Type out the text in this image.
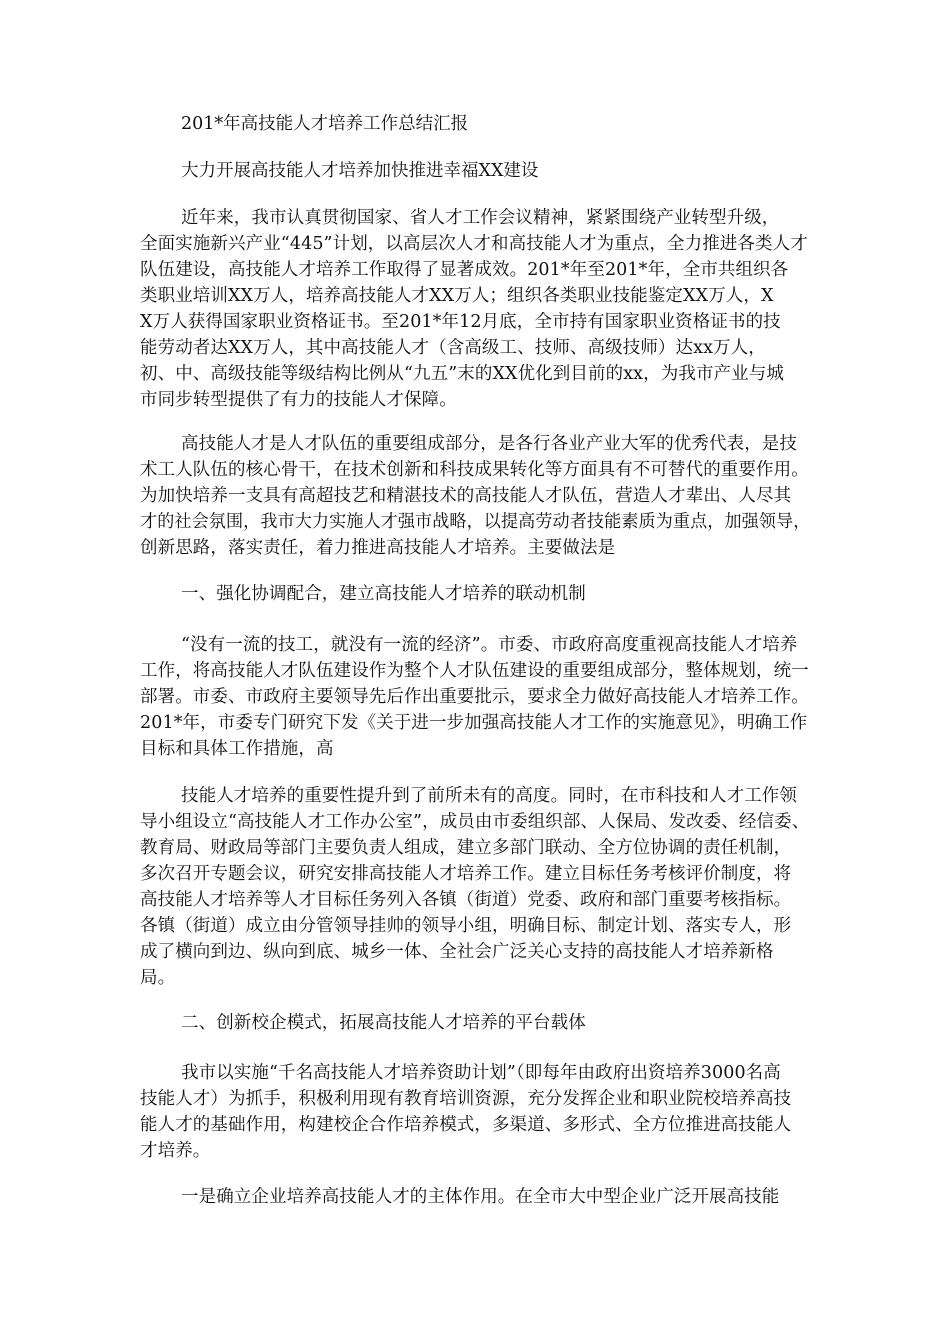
201*年高技能人才培养工作总结汇报
大力开展高技能人才培养加快推进幸福XX建设
近年来，我市认真贯彻国家、省人才工作会议精神，紧紧围绕产业转型升级，
全面实施新兴产业“445”计划，以高层次人才和高技能人才为重点，全力推进各类人才
队伍建设，高技能人才培养工作取得了显著成效。201*年至201*年，全市共组织各
类职业培训XX万人，培养高技能人才XX万人；组织各类职业技能鉴定XX万人，X
X万人获得国家职业资格证书。至201*年12月底，全市持有国家职业资格证书的技
能劳动者达XX万人，其中高技能人才（含高级工、技师、高级技师）达xx万人，
初、中、高级技能等级结构比例从“九五”末的XX优化到目前的xx，为我市产业与城
市同步转型提供了有力的技能人才保障。
高技能人才是人才队伍的重要组成部分，是各行各业产业大军的优秀代表，是技
术工人队伍的核心骨干，在技术创新和科技成果转化等方面具有不可替代的重要作用。
为加快培养一支具有高超技艺和精湛技术的高技能人才队伍，营造人才辈出、人尽其
才的社会氛围，我市大力实施人才强市战略，以提高劳动者技能素质为重点，加强领导，
创新思路，落实责任，着力推进高技能人才培养。主要做法是
一、强化协调配合，建立高技能人才培养的联动机制
“没有一流的技工，就没有一流的经济”。市委、市政府高度重视高技能人才培养
工作，将高技能人才队伍建设作为整个人才队伍建设的重要组成部分，整体规划，统一
部署。市委、市政府主要领导先后作出重要批示，要求全力做好高技能人才培养工作。
201*年，市委专门研究下发《关于进一步加强高技能人才工作的实施意见》，明确工作
目标和具体工作措施，高
技能人才培养的重要性提升到了前所未有的高度。同时，在市科技和人才工作领
导小组设立“高技能人才工作办公室”，成员由市委组织部、人保局、发改委、经信委、
教育局、财政局等部门主要负责人组成，建立多部门联动、全方位协调的责任机制，
多次召开专题会议，研究安排高技能人才培养工作。建立目标任务考核评价制度，将
高技能人才培养等人才目标任务列入各镇（街道）党委、政府和部门重要考核指标。
各镇（街道）成立由分管领导挂帅的领导小组，明确目标、制定计划、落实专人，形
成了横向到边、纵向到底、城乡一体、全社会广泛关心支持的高技能人才培养新格
局。
二、创新校企模式，拓展高技能人才培养的平台载体
我市以实施“千名高技能人才培养资助计划”（即每年由政府出资培养3000名高
技能人才）为抓手，积极利用现有教育培训资源，充分发挥企业和职业院校培养高技
能人才的基础作用，构建校企合作培养模式，多渠道、多形式、全方位推进高技能人
才培养。
一是确立企业培养高技能人才的主体作用。在全市大中型企业广泛开展高技能
